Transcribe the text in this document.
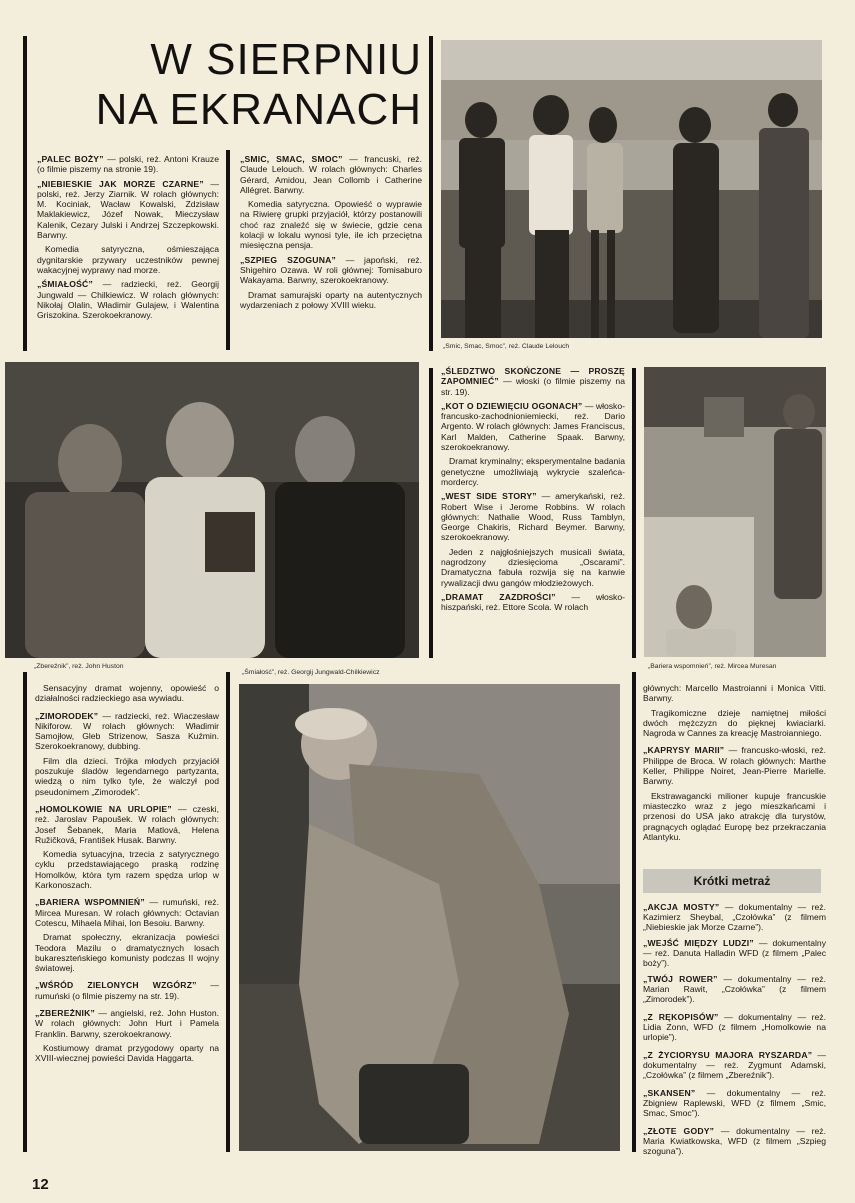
W SIERPNIU
NA EKRANACH

„PALEC BOŻY” — polski, reż. Antoni Krauze (o filmie piszemy na stronie 19).

„NIEBIESKIE JAK MORZE CZARNE” — polski, reż. Jerzy Ziarnik. W rolach głównych: M. Kociniak, Wacław Kowalski, Zdzisław Maklakiewicz, Józef Nowak, Mieczysław Kalenik, Cezary Julski i Andrzej Szczepkowski. Barwny.

Komedia satyryczna, ośmieszająca dygnitarskie przywary uczestników pewnej wakacyjnej wyprawy nad morze.

„ŚMIAŁOŚĆ” — radziecki, reż. Georgij Jungwald — Chilkiewicz. W rolach głównych: Nikołaj Olalin, Władimir Gulajew, i Walentina Griszokina. Szerokoekranowy.

„SMIC, SMAC, SMOC” — francuski, reż. Claude Lelouch. W rolach głównych: Charles Gérard, Amidou, Jean Collomb i Catherine Allégret. Barwny.

Komedia satyryczna. Opowieść o wyprawie na Riwierę grupki przyjaciół, którzy postanowili choć raz znaleźć się w świecie, gdzie cena kolacji w lokalu wynosi tyle, ile ich przeciętna miesięczna pensja.

„SZPIEG SZOGUNA” — japoński, reż. Shigehiro Ozawa. W roli głównej: Tomisaburo Wakayama. Barwny, szerokoekranowy.

Dramat samurajski oparty na autentycznych wydarzeniach z połowy XVIII wieku.

„Smic, Smac, Smoc”, reż. Claude Lelouch
„Zbereźnik”, reż. John Huston
„Śmiałość”, reż. Georgij Jungwald-Chilkiewicz

„ŚLEDZTWO SKOŃCZONE — PROSZĘ ZAPOMNIEĆ” — włoski (o filmie piszemy na str. 19).

„KOT O DZIEWIĘCIU OGONACH” — włosko-francusko-zachodnioniemiecki, reż. Dario Argento. W rolach głównych: James Franciscus, Karl Malden, Catherine Spaak. Barwny, szerokoekranowy.

Dramat kryminalny; eksperymentalne badania genetyczne umożliwiają wykrycie szaleńca-mordercy.

„WEST SIDE STORY” — amerykański, reż. Robert Wise i Jerome Robbins. W rolach głównych: Nathalie Wood, Russ Tamblyn, George Chakiris, Richard Beymer. Barwny, szerokoekranowy.

Jeden z najgłośniejszych musicali świata, nagrodzony dziesięcioma „Oscarami”. Dramatyczna fabuła rozwija się na kanwie rywalizacji dwu gangów młodzieżowych.

„DRAMAT ZAZDROŚCI” — włosko-hiszpański, reż. Ettore Scola. W rolach

„Bariera wspomnień”, reż. Mircea Muresan

Sensacyjny dramat wojenny, opowieść o działalności radzieckiego asa wywiadu.

„ZIMORODEK” — radziecki, reż. Wiaczesław Nikiforow. W rolach głównych: Władimir Samojłow, Gleb Strizenow, Sasza Kuźmin. Szerokoekranowy, dubbing.

Film dla dzieci. Trójka młodych przyjaciół poszukuje śladów legendarnego partyzanta, wiedzą o nim tylko tyle, że walczył pod pseudonimem „Zimorodek”.

„HOMOLKOWIE NA URLOPIE” — czeski, reż. Jaroslav Papoušek. W rolach głównych: Josef Šebanek, Maria Matlová, Helena Ružičková, František Husak. Barwny.

Komedia sytuacyjna, trzecia z satyrycznego cyklu przedstawiającego praską rodzinę Homolków, która tym razem spędza urlop w Karkonoszach.

„BARIERA WSPOMNIEŃ” — rumuński, reż. Mircea Muresan. W rolach głównych: Octavian Cotescu, Mihaela Mihai, Ion Besoiu. Barwny.

Dramat społeczny, ekranizacja powieści Teodora Mazilu o dramatycznych losach bukareszteńskiego komunisty podczas II wojny światowej.

„WŚRÓD ZIELONYCH WZGÓRZ” — rumuński (o filmie piszemy na str. 19).

„ZBEREŻNIK” — angielski, reż. John Huston. W rolach głównych: John Hurt i Pamela Franklin. Barwny, szerokoekranowy.

Kostiumowy dramat przygodowy oparty na XVIII-wiecznej powieści Davida Haggarta.

głównych: Marcello Mastroianni i Monica Vitti. Barwny.

Tragikomiczne dzieje namiętnej miłości dwóch mężczyzn do pięknej kwiaciarki. Nagroda w Cannes za kreację Mastroianniego.

„KAPRYSY MARII” — francusko-włoski, reż. Philippe de Broca. W rolach głównych: Marthe Keller, Philippe Noiret, Jean-Pierre Marielle. Barwny.

Ekstrawagancki milioner kupuje francuskie miasteczko wraz z jego mieszkańcami i przenosi do USA jako atrakcję dla turystów, pragnących oglądać Europę bez przekraczania Atlantyku.

Krótki metraż

„AKCJA MOSTY” — dokumentalny — reż. Kazimierz Sheybal, „Czołówka” (z filmem „Niebieskie jak Morze Czarne”).

„WEJŚĆ MIĘDZY LUDZI” — dokumentalny — reż. Danuta Halladin WFD (z filmem „Palec boży”).

„TWÓJ ROWER” — dokumentalny — reż. Marian Rawit, „Czołówka” (z filmem „Zimorodek”).

„Z RĘKOPISÓW” — dokumentalny — reż. Lidia Zonn, WFD (z filmem „Homolkowie na urlopie”).

„Z ŻYCIORYSU MAJORA RYSZARDA” — dokumentalny — reż. Zygmunt Adamski, „Czołówka” (z filmem „Zbereźnik”).

„SKANSEN” — dokumentalny — reż. Zbigniew Raplewski, WFD (z filmem „Smic, Smac, Smoc”).

„ZŁOTE GODY” — dokumentalny — reż. Maria Kwiatkowska, WFD (z filmem „Szpieg szoguna”).

12
